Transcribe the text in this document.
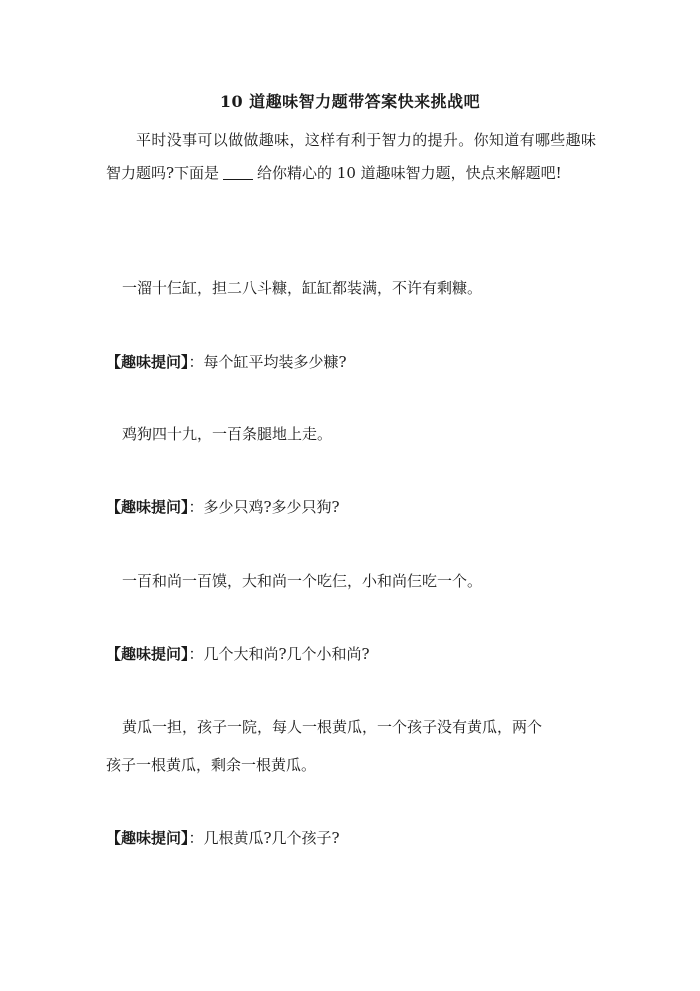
10 道趣味智力题带答案快来挑战吧
平时没事可以做做趣味，这样有利于智力的提升。你知道有哪些趣味智力题吗?下面是	给你精心的 10 道趣味智力题，快点来解题吧!
一溜十仨缸，担二八斗糠，缸缸都装满，不许有剩糠。
【趣味提问】：每个缸平均装多少糠?
鸡狗四十九，一百条腿地上走。
【趣味提问】：多少只鸡?多少只狗?
一百和尚一百馍，大和尚一个吃仨，小和尚仨吃一个。
【趣味提问】：几个大和尚?几个小和尚?
黄瓜一担，孩子一院，每人一根黄瓜，一个孩子没有黄瓜，两个
孩子一根黄瓜，剩余一根黄瓜。
【趣味提问】：几根黄瓜?几个孩子?
